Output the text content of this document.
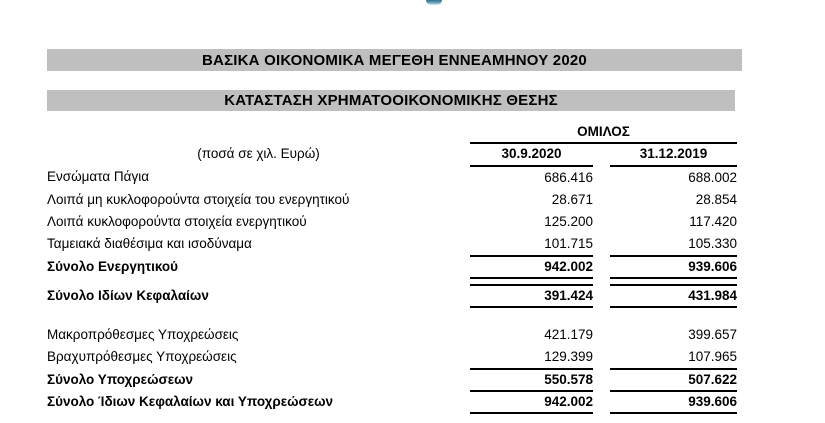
ΒΑΣΙΚΑ ΟΙΚΟΝΟΜΙΚΑ ΜΕΓΕΘΗ ΕΝΝΕΑΜΗΝΟΥ 2020
ΚΑΤΑΣΤΑΣΗ ΧΡΗΜΑΤΟΟΙΚΟΝΟΜΙΚΗΣ ΘΕΣΗΣ
	ΟΜΙΛΟΣ		
(ποσά σε χιλ. Ευρώ)	30.9.2020		31.12.2019
Ενσώματα Πάγια	686.416		688.002
Λοιπά μη κυκλοφορούντα στοιχεία του ενεργητικού	28.671		28.854
Λοιπά κυκλοφορούντα στοιχεία ενεργητικού	125.200		117.420
Ταμειακά διαθέσιμα και ισοδύναμα	101.715		105.330
Σύνολο Ενεργητικού	942.002		939.606

Σύνολο Ιδίων Κεφαλαίων	391.424		431.984

Μακροπρόθεσμες Υποχρεώσεις	421.179		399.657
Βραχυπρόθεσμες Υποχρεώσεις	129.399		107.965
Σύνολο Υποχρεώσεων	550.578		507.622
Σύνολο Ίδιων Κεφαλαίων και Υποχρεώσεων	942.002		939.606
